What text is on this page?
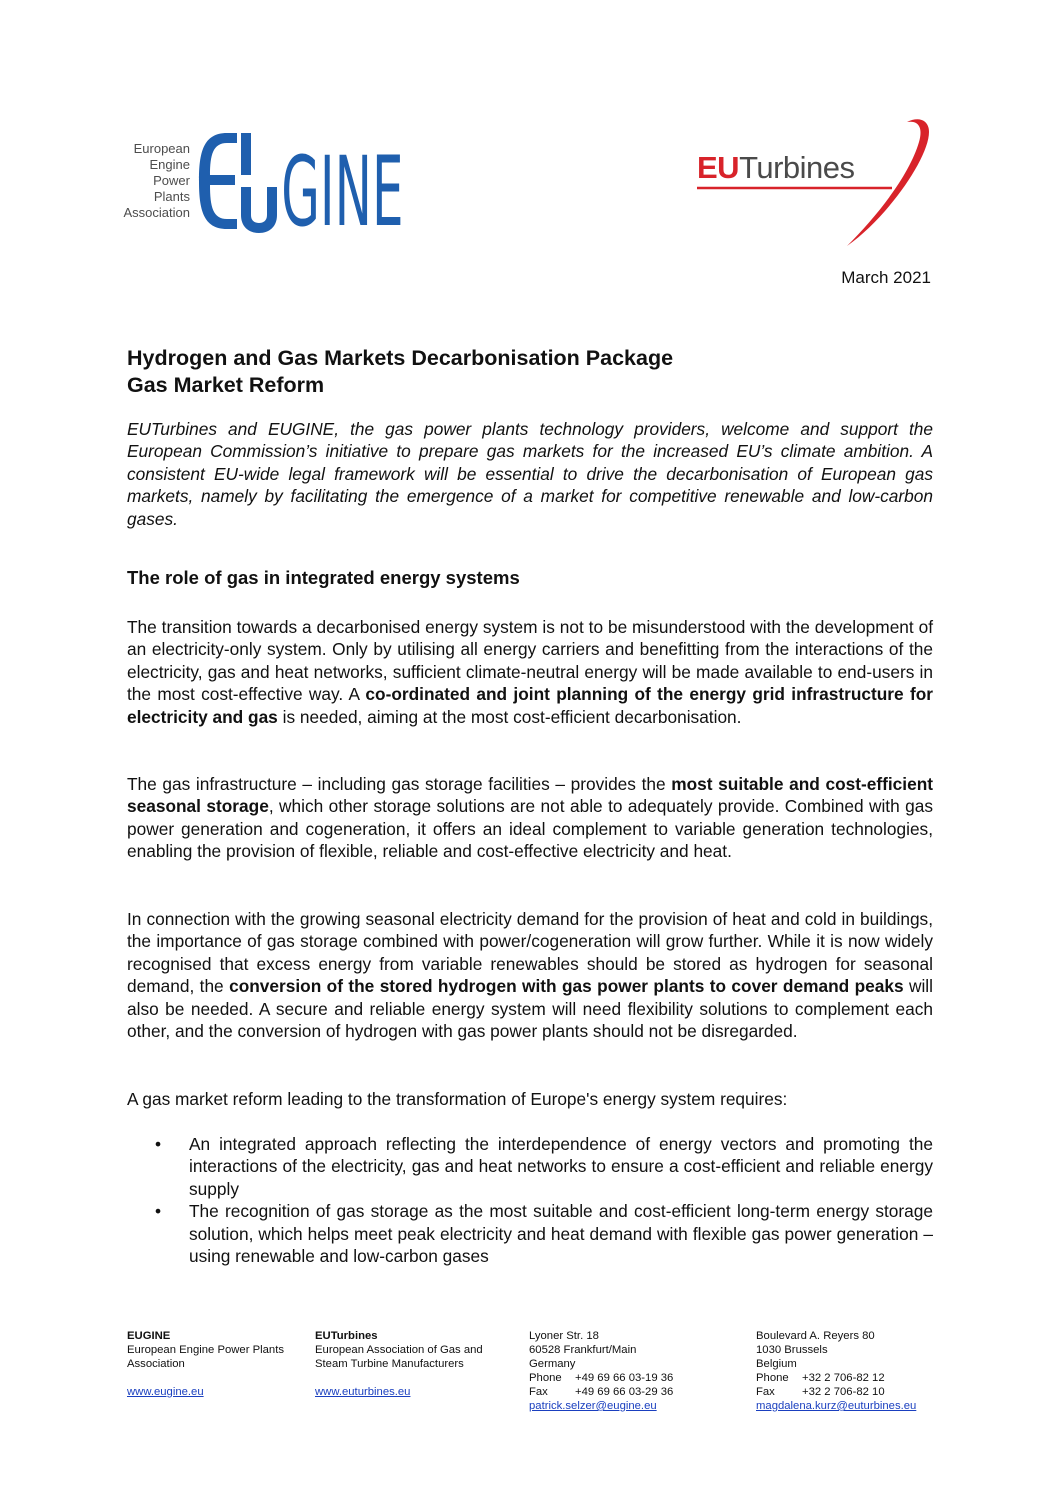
European
Engine
Power
Plants
Association GINE	EUTurbines
March 2021
Hydrogen and Gas Markets Decarbonisation Package
Gas Market Reform
EUTurbines and EUGINE, the gas power plants technology providers, welcome and support the European Commission’s initiative to prepare gas markets for the increased EU’s climate ambition. A consistent EU-wide legal framework will be essential to drive the decarbonisation of European gas markets, namely by facilitating the emergence of a market for competitive renewable and low-carbon gases.
The role of gas in integrated energy systems
The transition towards a decarbonised energy system is not to be misunderstood with the development of an electricity-only system. Only by utilising all energy carriers and benefitting from the interactions of the electricity, gas and heat networks, sufficient climate-neutral energy will be made available to end-users in the most cost-effective way. A co-ordinated and joint planning of the energy grid infrastructure for electricity and gas is needed, aiming at the most cost-efficient decarbonisation.
The gas infrastructure – including gas storage facilities – provides the most suitable and cost-efficient seasonal storage, which other storage solutions are not able to adequately provide. Combined with gas power generation and cogeneration, it offers an ideal complement to variable generation technologies, enabling the provision of flexible, reliable and cost-effective electricity and heat.
In connection with the growing seasonal electricity demand for the provision of heat and cold in buildings, the importance of gas storage combined with power/cogeneration will grow further. While it is now widely recognised that excess energy from variable renewables should be stored as hydrogen for seasonal demand, the conversion of the stored hydrogen with gas power plants to cover demand peaks will also be needed. A secure and reliable energy system will need flexibility solutions to complement each other, and the conversion of hydrogen with gas power plants should not be disregarded.
A gas market reform leading to the transformation of Europe's energy system requires:
• An integrated approach reflecting the interdependence of energy vectors and promoting the interactions of the electricity, gas and heat networks to ensure a cost-efficient and reliable energy supply
• The recognition of gas storage as the most suitable and cost-efficient long-term energy storage solution, which helps meet peak electricity and heat demand with flexible gas power generation – using renewable and low-carbon gases
EUGINE
European Engine Power Plants Association
www.eugine.eu
EUTurbines
European Association of Gas and Steam Turbine Manufacturers
www.euturbines.eu
Lyoner Str. 18
60528 Frankfurt/Main
Germany
Phone +49 69 66 03-19 36
Fax +49 69 66 03-29 36
patrick.selzer@eugine.eu
Boulevard A. Reyers 80
1030 Brussels
Belgium
Phone +32 2 706-82 12
Fax +32 2 706-82 10
magdalena.kurz@euturbines.eu
